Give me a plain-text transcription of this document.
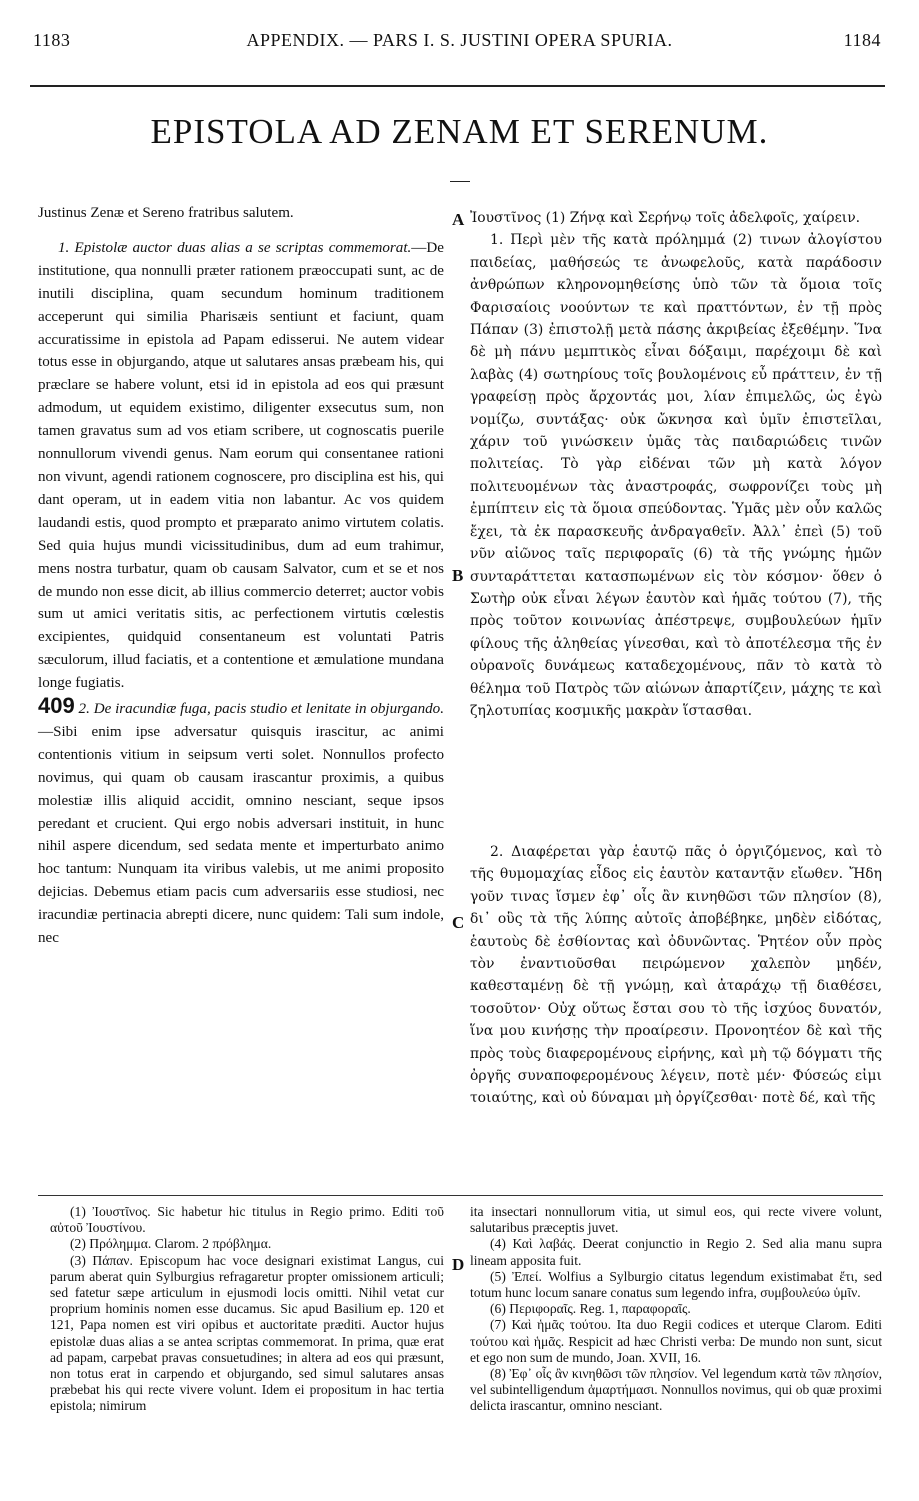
1183	APPENDIX. — PARS I. S. JUSTINI OPERA SPURIA.	1184
EPISTOLA AD ZENAM ET SERENUM.
A
B
C
D

Justinus Zenæ et Sereno fratribus salutem.

1. Epistolæ auctor duas alias a se scriptas commemorat.—De institutione, qua nonnulli præter rationem præoccupati sunt, ac de inutili disciplina, quam secundum hominum traditionem acceperunt qui similia Pharisæis sentiunt et faciunt, quam accuratissime in epistola ad Papam edisserui. Ne autem videar totus esse in objurgando, atque ut salutares ansas præbeam his, qui præclare se habere volunt, etsi id in epistola ad eos qui præsunt admodum, ut equidem existimo, diligenter exsecutus sum, non tamen gravatus sum ad vos etiam scribere, ut cognoscatis puerile nonnullorum vivendi genus. Nam eorum qui consentanee rationi non vivunt, agendi rationem cognoscere, pro disciplina est his, qui dant operam, ut in eadem vitia non labantur. Ac vos quidem laudandi estis, quod prompto et præparato animo virtutem colatis. Sed quia hujus mundi vicissitudinibus, dum ad eum trahimur, mens nostra turbatur, quam ob causam Salvator, cum et se et nos de mundo non esse dicit, ab illius commercio deterret; auctor vobis sum ut amici veritatis sitis, ac perfectionem virtutis cœlestis excipientes, quidquid consentaneum est voluntati Patris sæculorum, illud faciatis, et a contentione et æmulatione mundana longe fugiatis.

409 2. De iracundiæ fuga, pacis studio et lenitate in objurgando.—Sibi enim ipse adversatur quisquis irascitur, ac animi contentionis vitium in seipsum verti solet. Nonnullos profecto novimus, qui quam ob causam irascantur proximis, a quibus molestiæ illis aliquid accidit, omnino nesciant, seque ipsos peredant et crucient. Qui ergo nobis adversari instituit, in hunc nihil aspere dicendum, sed sedata mente et imperturbato animo hoc tantum: Nunquam ita viribus valebis, ut me animi proposito dejicias. Debemus etiam pacis cum adversariis esse studiosi, nec iracundiæ pertinacia abrepti dicere, nunc quidem: Tali sum indole, nec

Ἰουστῖνος (1) Ζήνᾳ καὶ Σερήνῳ τοῖς ἀδελφοῖς, χαίρειν.

1. Περὶ μὲν τῆς κατὰ πρόλημμά (2) τινων ἀλογίστου παιδείας, μαθήσεώς τε ἀνωφελοῦς, κατὰ παράδοσιν ἀνθρώπων κληρονομηθείσης ὑπὸ τῶν τὰ ὅμοια τοῖς Φαρισαίοις νοούντων τε καὶ πραττόντων, ἐν τῇ πρὸς Πάπαν (3) ἐπιστολῇ μετὰ πάσης ἀκριβείας ἐξεθέμην. Ἵνα δὲ μὴ πάνυ μεμπτικὸς εἶναι δόξαιμι, παρέχοιμι δὲ καὶ λαβὰς (4) σωτηρίους τοῖς βουλομένοις εὖ πράττειν, ἐν τῇ γραφείσῃ πρὸς ἄρχοντάς μοι, λίαν ἐπιμελῶς, ὡς ἐγὼ νομίζω, συντάξας· οὐκ ὤκνησα καὶ ὑμῖν ἐπιστεῖλαι, χάριν τοῦ γινώσκειν ὑμᾶς τὰς παιδαριώδεις τινῶν πολιτείας. Τὸ γὰρ εἰδέναι τῶν μὴ κατὰ λόγον πολιτευομένων τὰς ἀναστροφάς, σωφρονίζει τοὺς μὴ ἐμπίπτειν εἰς τὰ ὅμοια σπεύδοντας. Ὑμᾶς μὲν οὖν καλῶς ἔχει, τὰ ἐκ παρασκευῆς ἀνδραγαθεῖν. Ἀλλ᾽ ἐπεὶ (5) τοῦ νῦν αἰῶνος ταῖς περιφοραῖς (6) τὰ τῆς γνώμης ἡμῶν συνταράττεται κατασπωμένων εἰς τὸν κόσμον· ὅθεν ὁ Σωτὴρ οὐκ εἶναι λέγων ἑαυτὸν καὶ ἡμᾶς τούτου (7), τῆς πρὸς τοῦτον κοινωνίας ἀπέστρεψε, συμβουλεύων ἡμῖν φίλους τῆς ἀληθείας γίνεσθαι, καὶ τὸ ἀποτέλεσμα τῆς ἐν οὐρανοῖς δυνάμεως καταδεχομένους, πᾶν τὸ κατὰ τὸ θέλημα τοῦ Πατρὸς τῶν αἰώνων ἀπαρτίζειν, μάχης τε καὶ ζηλοτυπίας κοσμικῆς μακρὰν ἵστασθαι.

2. Διαφέρεται γὰρ ἑαυτῷ πᾶς ὁ ὀργιζόμενος, καὶ τὸ τῆς θυμομαχίας εἶδος εἰς ἑαυτὸν καταντᾷν εἴωθεν. Ἤδη γοῦν τινας ἴσμεν ἐφ᾽ οἷς ἂν κινηθῶσι τῶν πλησίον (8), δι᾽ οὓς τὰ τῆς λύπης αὐτοῖς ἀποβέβηκε, μηδὲν εἰδότας, ἑαυτοὺς δὲ ἐσθίοντας καὶ ὀδυνῶντας. Ῥητέον οὖν πρὸς τὸν ἐναντιοῦσθαι πειρώμενον χαλεπὸν μηδέν, καθεσταμένῃ δὲ τῇ γνώμῃ, καὶ ἀταράχῳ τῇ διαθέσει, τοσοῦτον· Οὐχ οὕτως ἔσται σου τὸ τῆς ἰσχύος δυνατόν, ἵνα μου κινήσῃς τὴν προαίρεσιν. Προνοητέον δὲ καὶ τῆς πρὸς τοὺς διαφερομένους εἰρήνης, καὶ μὴ τῷ δόγματι τῆς ὀργῆς συναποφερομένους λέγειν, ποτὲ μέν· Φύσεώς εἰμι τοιαύτης, καὶ οὐ δύναμαι μὴ ὀργίζεσθαι· ποτὲ δέ, καὶ τῆς

(1) Ἰουστῖνος. Sic habetur hic titulus in Regio primo. Editi τοῦ αὐτοῦ Ἰουστίνου.

(2) Πρόλημμα. Clarom. 2 πρόβλημα.

(3) Πάπαν. Episcopum hac voce designari existimat Langus, cui parum aberat quin Sylburgius refragaretur propter omissionem articuli; sed fatetur sæpe articulum in ejusmodi locis omitti. Nihil vetat cur proprium hominis nomen esse ducamus. Sic apud Basilium ep. 120 et 121, Papa nomen est viri opibus et auctoritate præditi. Auctor hujus epistolæ duas alias a se antea scriptas commemorat. In prima, quæ erat ad papam, carpebat pravas consuetudines; in altera ad eos qui præsunt, non totus erat in carpendo et objurgando, sed simul salutares ansas præbebat his qui recte vivere volunt. Idem ei propositum in hac tertia epistola; nimirum

ita insectari nonnullorum vitia, ut simul eos, qui recte vivere volunt, salutaribus præceptis juvet.

(4) Καὶ λαβάς. Deerat conjunctio in Regio 2. Sed alia manu supra lineam apposita fuit.

(5) Ἐπεί. Wolfius a Sylburgio citatus legendum existimabat ἔτι, sed totum hunc locum sanare conatus sum legendo infra, συμβουλεύω ὑμῖν.

(6) Περιφοραῖς. Reg. 1, παραφοραῖς.

(7) Καὶ ἡμᾶς τούτου. Ita duo Regii codices et uterque Clarom. Editi τούτου καὶ ἡμᾶς. Respicit ad hæc Christi verba: De mundo non sunt, sicut et ego non sum de mundo, Joan. XVII, 16.

(8) Ἐφ᾽ οἷς ἂν κινηθῶσι τῶν πλησίον. Vel legendum κατὰ τῶν πλησίον, vel subintelligendum ἁμαρτήμασι. Nonnullos novimus, qui ob quæ proximi delicta irascantur, omnino nesciant.
